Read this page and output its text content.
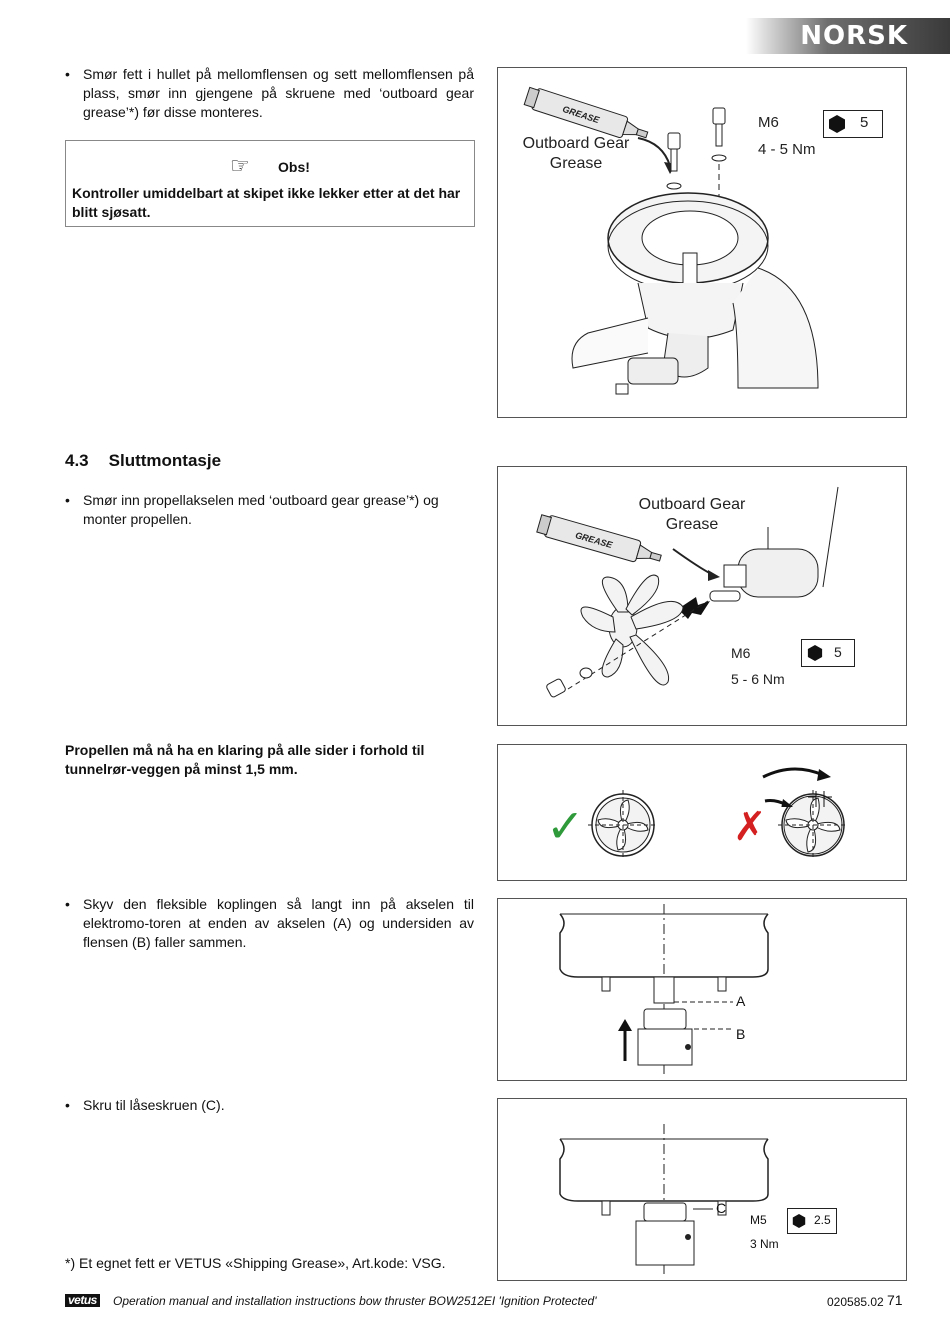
NORSK
• Smør fett i hullet på mellomflensen og sett mellomflensen på plass, smør inn gjengene på skruene med ‘outboard gear grease’*) før disse monteres.
☞ Obs!
Kontroller umiddelbart at skipet ikke lekker etter at det har blitt sjøsatt.
GREASE
Outboard Gear
Grease
M6
4 - 5 Nm
5
4.3 Sluttmontasje
• Smør inn propellakselen med ‘outboard gear grease’*) og monter propellen.
GREASE
Outboard Gear
Grease
M6
5 - 6 Nm
5
Propellen må nå ha en klaring på alle sider i forhold til tunnelrør-veggen på minst 1,5 mm.
✓	✗
• Skyv den fleksible koplingen så langt inn på akselen til elektromo-toren at enden av akselen (A) og undersiden av flensen (B) faller sammen.
A
B
• Skru til låseskruen (C).
C
M5
3 Nm
2.5
*) Et egnet fett er VETUS «Shipping Grease», Art.kode: VSG.
vetus Operation manual and installation instructions bow thruster BOW2512EI 'Ignition Protected'	020585.02 71
